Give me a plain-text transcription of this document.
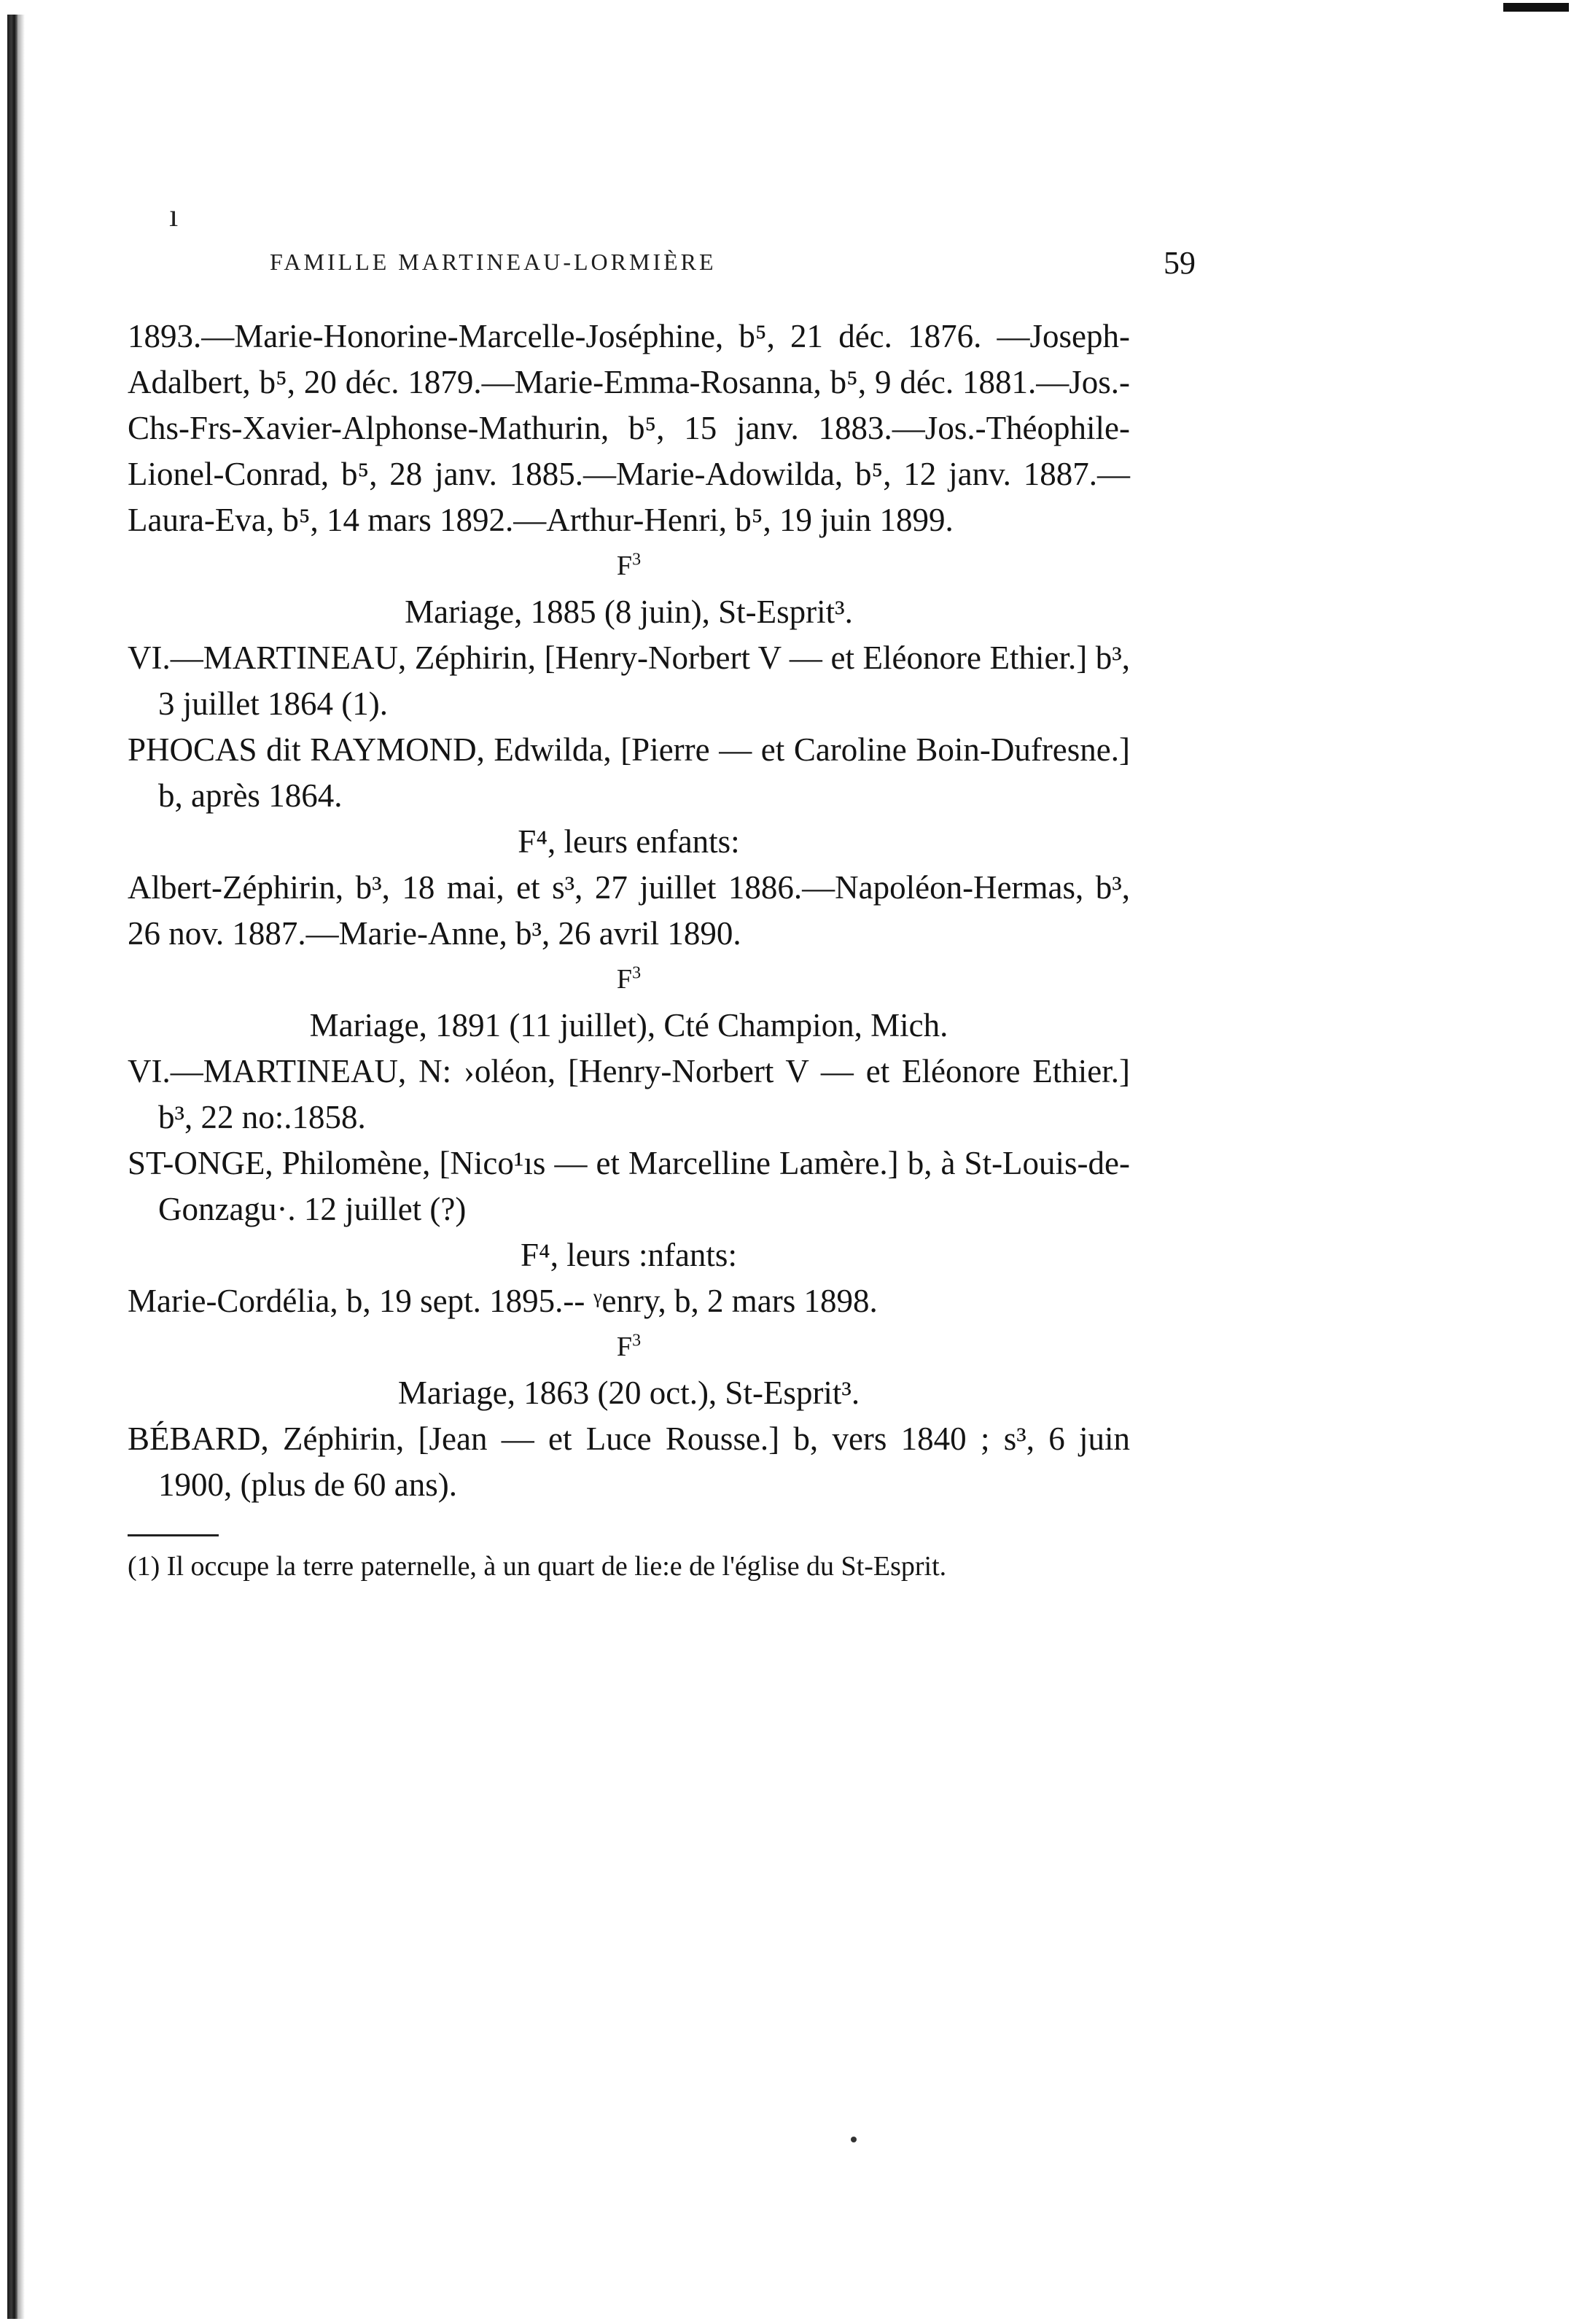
ı
FAMILLE MARTINEAU-LORMIÈRE	59

1893.—Marie-Honorine-Marcelle-Joséphine, b⁵, 21 déc. 1876. —Joseph-Adalbert, b⁵, 20 déc. 1879.—Marie-Emma-Rosanna, b⁵, 9 déc. 1881.—Jos.-Chs-Frs-Xavier-Alphonse-Mathurin, b⁵, 15 janv. 1883.—Jos.-Théophile-Lionel-Conrad, b⁵, 28 janv. 1885.—Marie-Adowilda, b⁵, 12 janv. 1887.—Laura-Eva, b⁵, 14 mars 1892.—Arthur-Henri, b⁵, 19 juin 1899.

$F^3$

Mariage, 1885 (8 juin), St-Esprit³.

VI.—MARTINEAU, Zéphirin, [Henry-Norbert V — et Eléonore Ethier.] b³, 3 juillet 1864 (1).

PHOCAS dit RAYMOND, Edwilda, [Pierre — et Caroline Boin-Dufresne.] b, après 1864.

F⁴, leurs enfants:

Albert-Zéphirin, b³, 18 mai, et s³, 27 juillet 1886.—Napoléon-Hermas, b³, 26 nov. 1887.—Marie-Anne, b³, 26 avril 1890.

$F^3$

Mariage, 1891 (11 juillet), Cté Champion, Mich.

VI.—MARTINEAU, N: ›oléon, [Henry-Norbert V — et Eléonore Ethier.] b³, 22 no:.1858.

ST-ONGE, Philomène, [Nico¹ıs — et Marcelline Lamère.] b, à St-Louis-de-Gonzagu·. 12 juillet (?)

F⁴, leurs :nfants:

Marie-Cordélia, b, 19 sept. 1895.-- ᵞenry, b, 2 mars 1898.

$F^3$

Mariage, 1863 (20 oct.), St-Esprit³.

BÉBARD, Zéphirin, [Jean — et Luce Rousse.] b, vers 1840 ; s³, 6 juin 1900, (plus de 60 ans).

(1) Il occupe la terre paternelle, à un quart de lie:e de l'église du St-Esprit.
